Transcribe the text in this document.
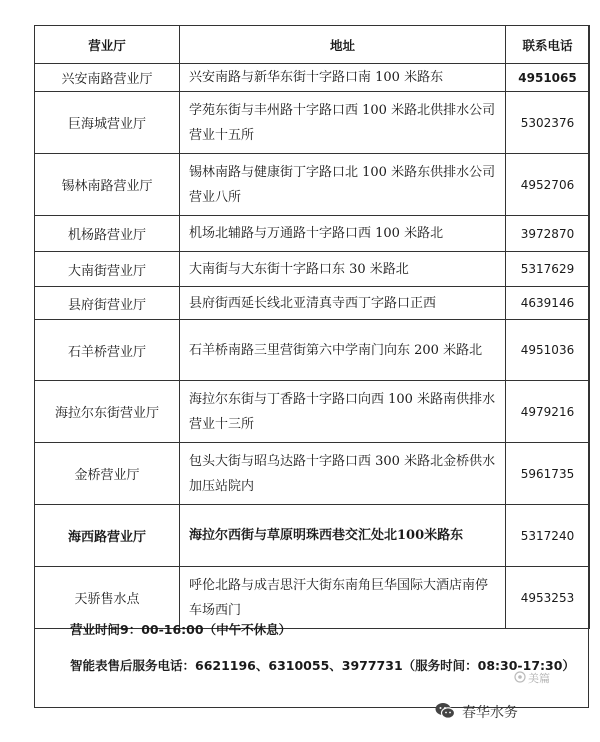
营业厅	地址	联系电话
兴安南路营业厅	兴安南路与新华东街十字路口南 100 米路东	4951065
巨海城营业厅	学苑东街与丰州路十字路口西 100 米路北供排水公司营业十五所	5302376
锡林南路营业厅	锡林南路与健康街丁字路口北 100 米路东供排水公司营业八所	4952706
机杨路营业厅	机场北辅路与万通路十字路口西 100 米路北	3972870
大南街营业厅	大南街与大东街十字路口东 30 米路北	5317629
县府街营业厅	县府街西延长线北亚清真寺西丁字路口正西	4639146
石羊桥营业厅	石羊桥南路三里营街第六中学南门向东 200 米路北	4951036
海拉尔东街营业厅	海拉尔东街与丁香路十字路口向西 100 米路南供排水营业十三所	4979216
金桥营业厅	包头大街与昭乌达路十字路口西 300 米路北金桥供水加压站院内	5961735
海西路营业厅	海拉尔西街与草原明珠西巷交汇处北100米路东	5317240
天骄售水点	呼伦北路与成吉思汗大街东南角巨华国际大酒店南停车场西门	4953253
营业时间9：00-16:00（中午不休息）
智能表售后服务电话：6621196、6310055、3977731（服务时间：08:30-17:30）
美篇
春华水务
